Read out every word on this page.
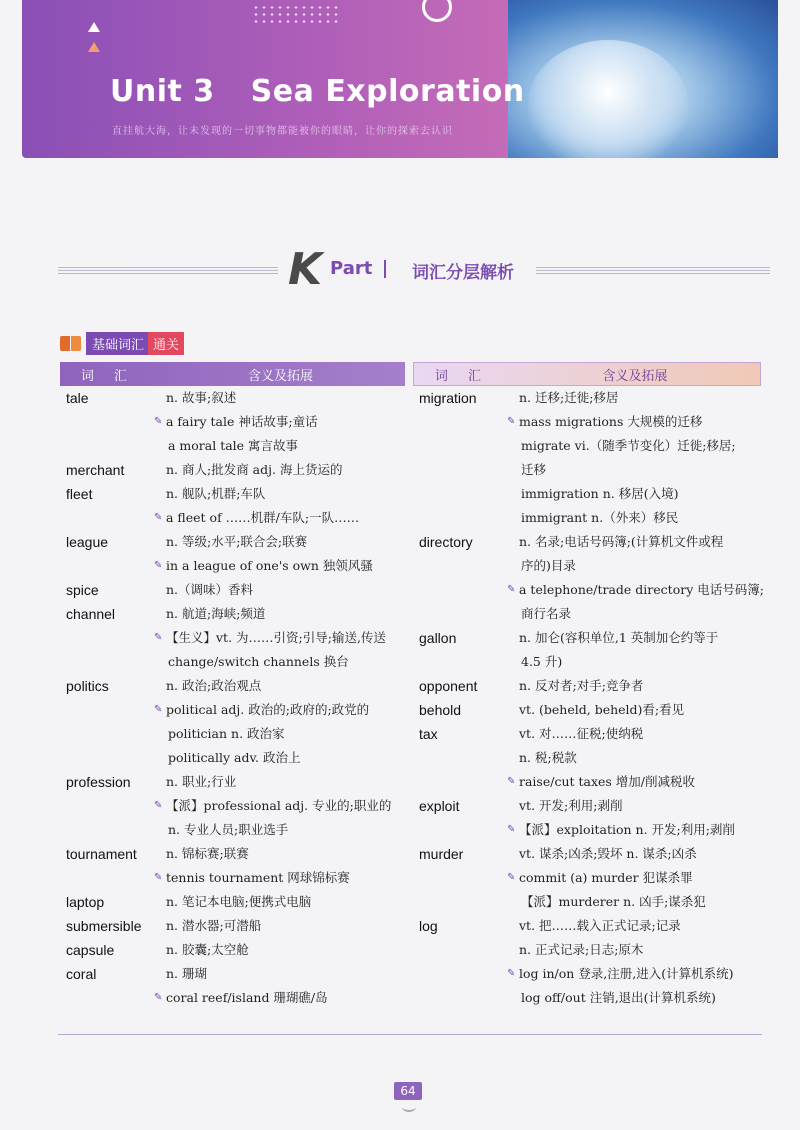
Unit 3 Sea Exploration
直挂航大海，让未发现的一切事物都能被你的眼睛，让你的探索去认识
K Part 词汇分层解析
基础词汇 通关
词 汇	含义及拓展
tale	n. 故事;叙述
✎ a fairy tale 神话故事;童话
a moral tale 寓言故事
merchant	n. 商人;批发商 adj. 海上货运的
fleet	n. 舰队;机群;车队
✎ a fleet of ……机群/车队;一队……
league	n. 等级;水平;联合会;联赛
✎ in a league of one's own 独领风骚
spice	n.（调味）香料
channel	n. 航道;海峡;频道
✎ 【生义】vt. 为……引资;引导;输送,传送
change/switch channels 换台
politics	n. 政治;政治观点
✎ political adj. 政治的;政府的;政党的
politician n. 政治家
politically adv. 政治上
profession	n. 职业;行业
✎ 【派】professional adj. 专业的;职业的
n. 专业人员;职业选手
tournament	n. 锦标赛;联赛
✎ tennis tournament 网球锦标赛
laptop	n. 笔记本电脑;便携式电脑
submersible	n. 潜水器;可潜船
capsule	n. 胶囊;太空舱
coral	n. 珊瑚
✎ coral reef/island 珊瑚礁/岛
词 汇	含义及拓展
migration	n. 迁移;迁徙;移居
✎ mass migrations 大规模的迁移
migrate vi.（随季节变化）迁徙;移居;
迁移
immigration n. 移居(入境)
immigrant n.（外来）移民
directory	n. 名录;电话号码簿;(计算机文件或程
序的)目录
✎ a telephone/trade directory 电话号码簿;
商行名录
gallon	n. 加仑(容积单位,1 英制加仑约等于
4.5 升)
opponent	n. 反对者;对手;竞争者
behold	vt. (beheld, beheld)看;看见
tax	vt. 对……征税;使纳税
n. 税;税款
✎ raise/cut taxes 增加/削减税收
exploit	vt. 开发;利用;剥削
✎ 【派】exploitation n. 开发;利用;剥削
murder	vt. 谋杀;凶杀;毁坏 n. 谋杀;凶杀
✎ commit (a) murder 犯谋杀罪
【派】murderer n. 凶手;谋杀犯
log	vt. 把……载入正式记录;记录
n. 正式记录;日志;原木
✎ log in/on 登录,注册,进入(计算机系统)
log off/out 注销,退出(计算机系统)
64
